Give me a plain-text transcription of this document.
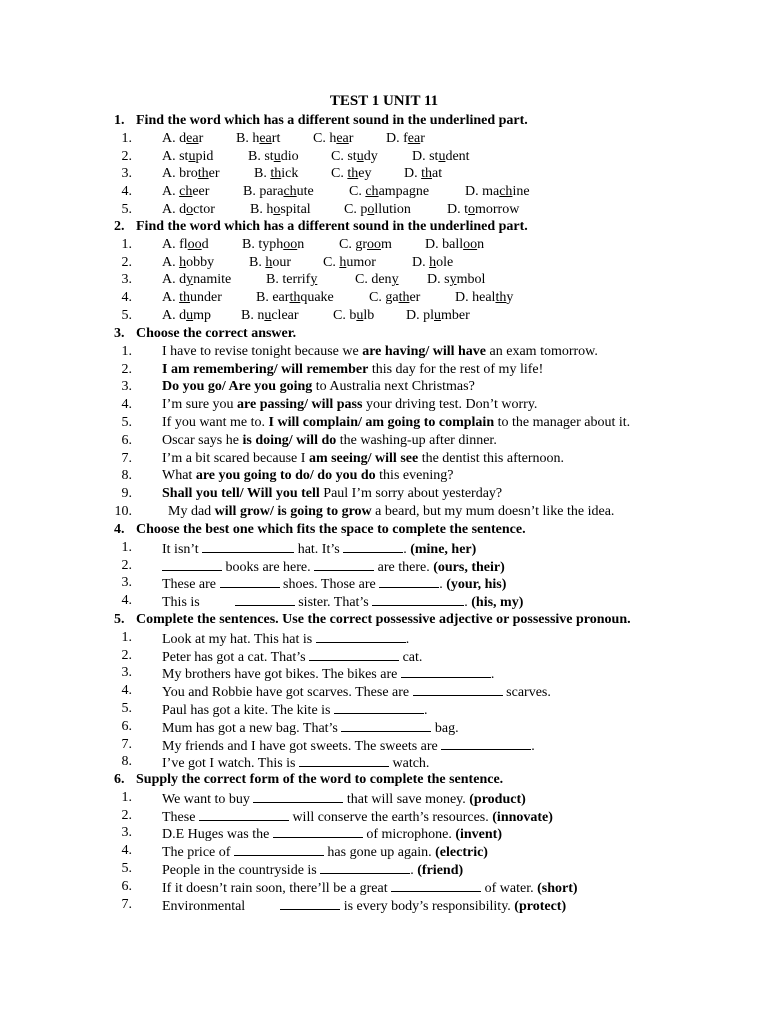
TEST 1 UNIT 11
1. Find the word which has a different sound in the underlined part.
1. A. dear B. heart C. hear D. fear
2. A. stupid B. studio C. study D. student
3. A. brother B. thick C. they D. that
4. A. cheer B. parachute	C. champagne	D. machine
5. A. doctor	B. hospital C. pollution	D. tomorrow
2. Find the word which has a different sound in the underlined part.
1. A. flood B. typhoon C. groom D. balloon
2. A. hobby B. hour C. humor	D. hole
3. A. dynamite B. terrify	C. deny D. symbol
4. A. thunder B. earthquake	C. gather D. healthy
5. A. dump B. nuclear C. bulb D. plumber
3. Choose the correct answer.
1. I have to revise tonight because we are having/ will have an exam tomorrow.
2. I am remembering/ will remember this day for the rest of my life!
3. Do you go/ Are you going to Australia next Christmas?
4. I’m sure you are passing/ will pass your driving test. Don’t worry.
5. If you want me to. I will complain/ am going to complain to the manager about it.
6. Oscar says he is doing/ will do the washing-up after dinner.
7. I’m a bit scared because I am seeing/ will see the dentist this afternoon.
8. What are you going to do/ do you do this evening?
9. Shall you tell/ Will you tell Paul I’m sorry about yesterday?
10.	My dad will grow/ is going to grow a beard, but my mum doesn’t like the idea.
4. Choose the best one which fits the space to complete the sentence.
1. It isn’t	hat. It’s	. (mine, her)
2.	books are here.	are there. (ours, their)
3. These are	shoes. Those are	. (your, his)
4. This is	sister. That’s	. (his, my)
5. Complete the sentences. Use the correct possessive adjective or possessive pronoun.
1. Look at my hat. This hat is	.
2. Peter has got a cat. That’s	cat.
3. My brothers have got bikes. The bikes are	.
4. You and Robbie have got scarves. These are	scarves.
5. Paul has got a kite. The kite is	.
6. Mum has got a new bag. That’s	bag.
7. My friends and I have got sweets. The sweets are	.
8. I’ve got I watch. This is	watch.
6. Supply the correct form of the word to complete the sentence.
1. We want to buy	that will save money. (product)
2. These	will conserve the earth’s resources. (innovate)
3. D.E Huges was the	of microphone. (invent)
4. The price of	has gone up again. (electric)
5. People in the countryside is	. (friend)
6. If it doesn’t rain soon, there’ll be a great	of water. (short)
7. Environmental	is every body’s responsibility. (protect)
